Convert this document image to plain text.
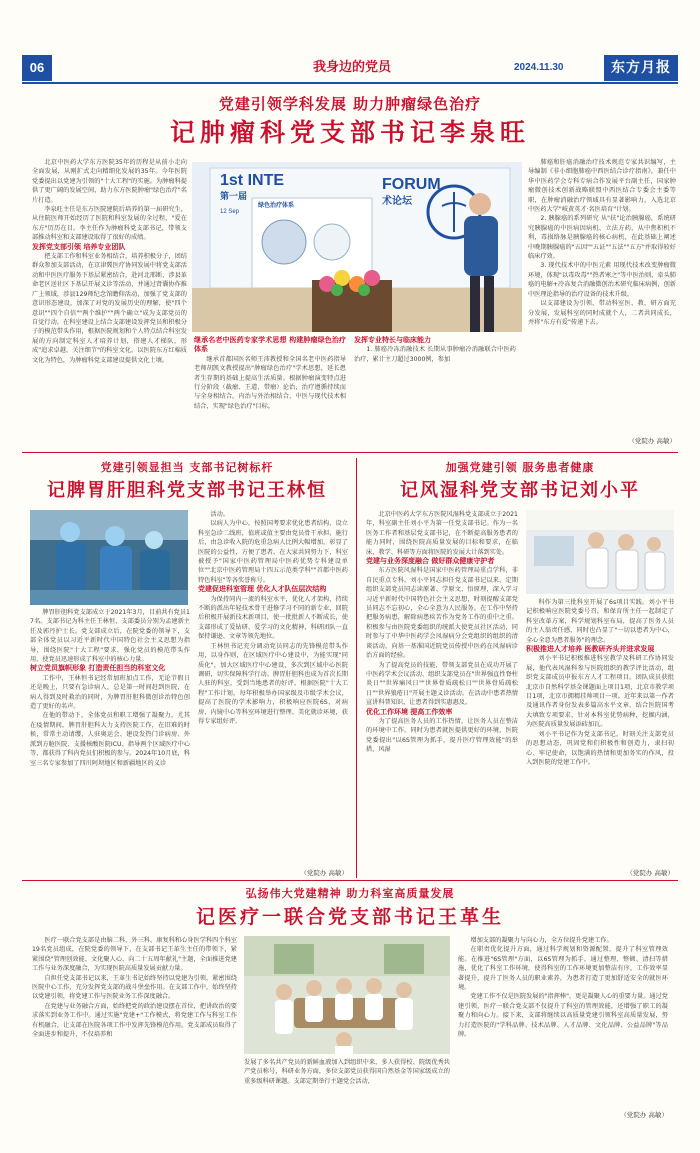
06	我身边的党员	2024.11.30	东方月报
党建引领学科发展 助力肿瘤绿色治疗
记肿瘤科党支部书记李泉旺

北京中医药大学东方医院35年的历程是从前小走向全面发展，从刚扩式走向精细化发展的35年。今年医院党委提出以党建为引领的"十大工程"的实施。为肿瘤科提供了更广阔的发展空间，助力东方医院肿瘤"绿色治疗"名片打造。

李泉旺主任是东方医院建院后培养的第一届研究生，从住院医师开始经历了医院和科室发展的全过程，"爱在东方"历历在目。李主任作为肿瘤科党支部书记，带领支部推动科室和支部建设取得了很好的成绩。

发挥党支部引领 培养专业团队

把支部工作和科室业务相结合，培养积极分子，团结群众参加支部活动，在京津冀医疗协同发展中将党支部活动和中医医疗服务下基层紧密结合，赴河北邢断、涉县革命老区送社区下基层开展义诊等活动，并通过肾囊协作推广上领域，涉县129师纪念馆瞻仰活动，加强了党支部的意识形态建设，加深了对党的发展历史的理解，使"四个意识""四个自信""两个维护""两个确立"成为支部党员的自觉行动。在科室建设上结合支部建设发挥党员和积极分子的模范带头作用，根据医院规划和个人特点结合科室发展的方向制定科室人才培养计划，搭建人才梯队，形成"追求卓越，关注细节"的科室文化，以医院东方红棉质文化为特色，为肿瘤科党支部建设提供文化土壤。

1st INTE
第一届
12 Sep
绿色治疗体系
FORUM
术论坛

继承名老中医药专家学术思想 构建肿瘤绿色治疗体系

继承首都国医名师王沛教授和全国名老中医药指导老师胡凯文教授提出"肿瘤绿色治疗"学术思想，延长患者生存期的基础上提高生活质量。根据肿瘤演变特点进行分阶段（截瘤、王道、带瘤）论治，治疗遵循持续而与全身相结合，内治与外治相结合，中医与现代技术相结合，实现"绿色治疗"目标。

发挥专业特长与临床能力

1. 肺癌冷冻消融技术 长期从事肿瘤冷消融联合中医药治疗，累计主刀超过3000例，参加

肺癌和肝癌消融治疗技术规范专家共识编写，主导编制《非小细胞肺癌中西医结合诊疗指南》，兼任中华中医药学会专科专病合作发展平台副主任，国家肿瘤微创技术创新战略联盟中西医结合专委会主委等职，在肿瘤消融治疗领域具有显著影响力，入选北京中医药大学"岐黄英才·名医培育"计划。

2. 胰腺癌的系列研究 从"扶"论治胰腺癌，系统研究胰腺癌的中医病因病机、立法方药，从中焦积机不利，毒损络脉是胰腺癌的核心病机，在此基础上阐述中晚期胰腺癌的"五因""五证""五法""五方"并取得较好临床疗效。

3. 现代技术中的中医元素 用现代技术改变肿瘤微环境，体现"以毒攻毒""热者寒之"等中医治则，牵头肺癌的电解+冷冻复合消融微创治术研究临床病例，创新中医理论指导的治疗设备的技术升级。

以支部建设为引领，带动科室医、教、研方面充分发展，发展科室的同时成就个人，二者共同成长，并将"东方有爱"传递下去。

（党院办 高敏）
党建引领显担当 支部书记树标杆
记脾胃肝胆科党支部书记王林恒

脾胃肝胆科党支部成立于2021年3月，目前共有党员17名。支部书记为科主任王林恒，支部委员分别为孟建新主任及郭丹护士长。党支部成立后，在院党委的领导下，支部全体党员以习近平新时代中国特色社会主义思想为指导，围绕医院"十大工程"要求，强化党员的模范带头作用，使党员迅速形成了科室中的核心力量。

树立党员旗帜形象 打造责任担当的科室文化

工作中，王林恒书记经常加班加点工作，无论节假日还是晚上，只要有急诊病人，总是第一时间赶到医院，在病人得到及时救治的同时，为脾胃肝胆科微创诊治特色创造了更好的名声。

在他的带动下，全体党员和职工增强了凝聚力，尤其在疫情期间，脾胃肝胆科大力支持医院工作，在旧难的时候，常常主动请缨，人驻奥运会、建设发热门诊病房、外派到方舱医院、支援核酸医院ICU、指导两个区域医疗中心等，都获得了科内党员们积极的参与。2024年10月底，科室三名专家参加了四川阿坝地区和新疆地区的义诊

活动。

以病人为中心，按照国考要求优化患者结构，设立科室急诊二线班，值班或值主要由党员骨干承担，施行后，由急诊收入院的危重急病人比例大幅增加，彰显了医院的公益性，方便了患者。在大家共同努力下，科室被授予"国家中医药管理局中医药优势专科建设单位""北京中医药管理局十四五示范类学科""首都中医药特色科室"等各奖誉称号。

党建促进科室管理 优化人才队伍层次结构

为保持同内一流的科室水平，优化人才架构，持续不断的派出年轻技术骨干进修学习不同的新专业，回院后积极开展新技术新项目，使一批批新人不断成长，使支部形成了爱钻研、爱学习的文化精神，科研团队一直保持谦逊、文章等领先地位。

王林恒书记充分调动党员同志的先锋模范带头作用，以身作则，在区域医疗中心建设中，为能实现"同质化"，加大区域医疗中心建设，多次到区域中心医院调研，切实保障科学行动。脾胃肝胆科也成为首次长期人驻的科室，受到当地患者的好评。根据医院"十大工程"工作计划，每年积极举办国家级及市级学术会议，提高了医院的学术影响力，积极响应医院6S，对病房、内镜中心等科室环境进行整理、美化就诊环境，获得专家组好评。

（党院办 高敏）
加强党建引领 服务患者健康
记风湿科党支部书记刘小平

北京中医药大学东方医院风湿科党支部成立于2021年，科室副主任刘小平为第一任党支部书记。作为一名医务工作者和基层党支部书记，在不断提高服务患者的能力同时，围绕医院高质量发展的目标和要求，在临床、教学、科研等方面将医院的发展大计落到实处。

党建与业务深度融合 做好群众健康守护者

东方医院风湿科是国家中医药管理局重点学科，非自民重点专科。刘小平同志担任党支部书记以来，定期组织支部党员同志读原著、学原文、悟原理，深入学习习近平新时代中国特色社会主义思想，时刻提醒支部党员同志不忘初心，全心全意为人民服务。在工作中坚持把服务病患，解除病患疾苦作为党务工作的重中之重。积极参与由医院党委组织的统派大使党员社区活动，同时参与了中华中医药学会风湿病分会党组织的组织的清谈活动，向基一基准国近院党员传授中医药在风湿病诊治方面的经验。

为了提高党员的技能，带领支部党员在成功开展了中医药学术会议活动、组织支部党员在"世界强直性脊柱炎日""世界痛风日""世界骨质疏松日""世界骨质疏松日""世界狼疮日"开展主题义诊活动。在活动中患者热情宣讲科普知识，让患者得到实惠惠及。

优化工作环境 提高工作效率

为了提高医务人员的工作热情，让医务人员在整洁的环境中工作，同时为患者就医提供更好的环境，医院党委提出"以6S管理为抓手，提升医疗管理效能"的举措，风湿

科作为第三批科室开展了6s项目实践。刘小平书记积极响应医院党委号召，和保育所主任一起制定了科室改革方案，科学规划科室布局，提高了医务人员的主人翁责任感，同时也凸显了"一切以患者为中心，全心全意为患者服务"的理念。

积极推进人才培养 医教研齐头并进求发展

刘小平书记积极推进科室教学及科研工作协同发展，他代表风湿科参与医院组织的教学评比活动，组织党支部成员申报东方人才工程项目。团队成员获批北京市自然科学基金课题面上项目1项，北京市教学项目1项，北京市拥精挂帅项目一项。近年来以第一作者及通讯作者身份发表多篇高水平文章，结合医院国考大填致专项要求，针对本科室优势病种，挖掘内涵，为医院高质量发展添砖加瓦。

刘小平书记作为党支部书记，时刻关注支部党员的思想动态，巩固党和们积极性和创造力，隶扫初心、牢记使命，以饱满的热情和更加务实的作风，投入到医院的党建工作中。

（党院办 高敏）
弘扬伟大党建精神 助力科室高质量发展
记医疗一联合党支部书记王革生

医疗一联合党支部是由脑二科、外三科、康复科和心身医学科四个科室19名党员组成，在院党委的领导下，在支部书记王革生主任的带领下，紧紧围绕"管理创效能、文化聚人心、向二十五周年献礼"主题，全面推进党建工作与业务深度融合，为实现医院高质量发展贡献力量。

自担任党支部书记以来，王革生书记始终坚持以党建为引领，紧密围绕医院中心工作，充分发挥党支部的战斗堡垒作用。在支部工作中，始终坚持以党建引领，将党建工作与医院业务工作深度融合。

在党建与业务融合方面，始终把党的政治建设摆在首位，把讲政治的要求落实到业务工作中。通过实施"党建+"工作模式，将党建工作与科室工作有机融合，让支部在医院各项工作中发挥先锋模范作用。党支部成员取得了全面进步和提升，不仅培养和

发展了多名共产党员的新鲜血液加入到组织中来，多人获得校、院级优秀共产党员称号，科研业务方面，多位支部党员获得国自然基金等国家级成立的重多级科研课题。支部定期举行主题党会活动，

增加支部的凝聚力与向心力，全方位提升党建工作。

在职责优化提升方面，通过科学规划和资源配置，提升了科室管理效能。在推进"6S管理"方面，以6S管理为抓手，通过整理、整顿、清扫等措施，优化了科室工作环境，使得科室的工作环境更加整洁有序，工作效率显著提升，提升了医务人员的职业素养，为患者打造了更加舒适安全的就医环境。

党建工作不仅是医院发展的"指挥棒"，更是凝聚人心的重要力量。通过党建引领，医疗一联合党支部不仅提升了科室的管理效能，还增强了职工的凝聚力和向心力。接下来，支部将继续以高质量党建引领科室高质量发展，努力打造医院的"学科品牌、技术品牌、人才品牌、文化品牌、公益品牌"等品牌。

（党院办 高敏）
